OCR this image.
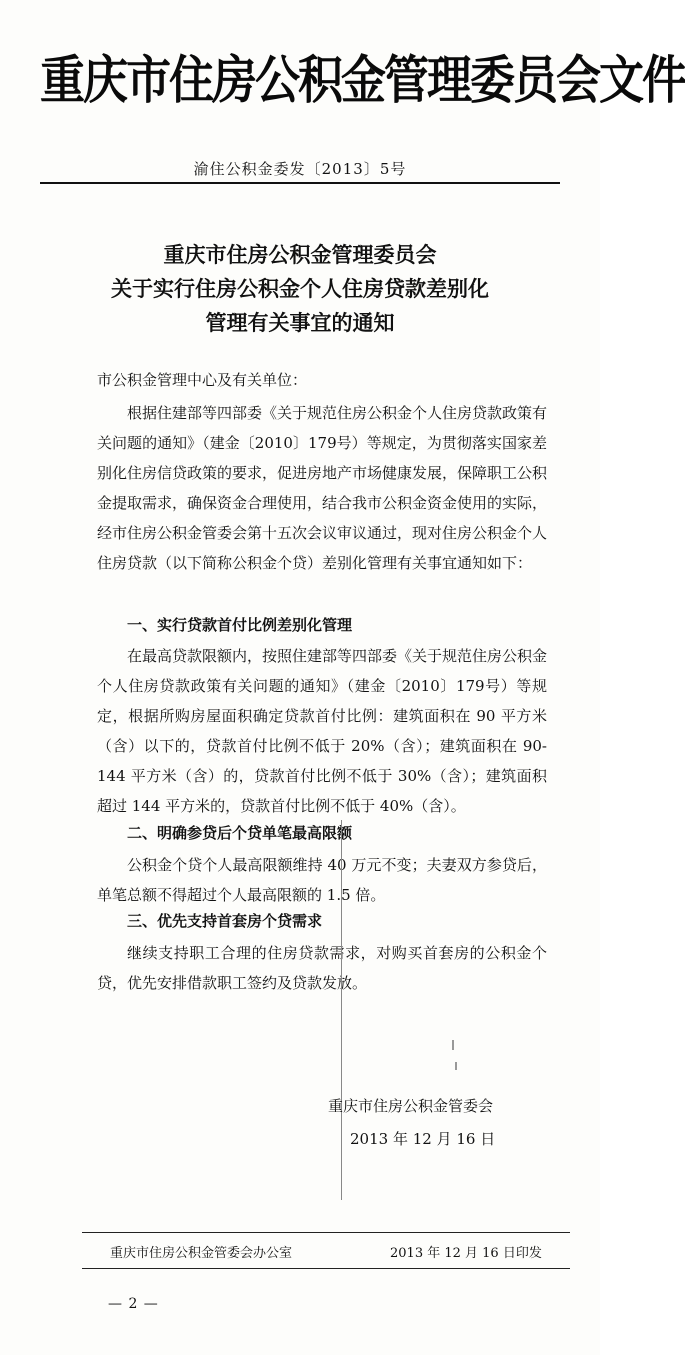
重庆市住房公积金管理委员会文件
渝住公积金委发〔2013〕5号
重庆市住房公积金管理委员会
关于实行住房公积金个人住房贷款差别化
管理有关事宜的通知
市公积金管理中心及有关单位：
根据住建部等四部委《关于规范住房公积金个人住房贷款政策有关问题的通知》（建金〔2010〕179号）等规定，为贯彻落实国家差别化住房信贷政策的要求，促进房地产市场健康发展，保障职工公积金提取需求，确保资金合理使用，结合我市公积金资金使用的实际，经市住房公积金管委会第十五次会议审议通过，现对住房公积金个人住房贷款（以下简称公积金个贷）差别化管理有关事宜通知如下：
一、实行贷款首付比例差别化管理
在最高贷款限额内，按照住建部等四部委《关于规范住房公积金个人住房贷款政策有关问题的通知》（建金〔2010〕179号）等规定，根据所购房屋面积确定贷款首付比例：建筑面积在 90 平方米（含）以下的，贷款首付比例不低于 20%（含）；建筑面积在 90-144 平方米（含）的，贷款首付比例不低于 30%（含）；建筑面积超过 144 平方米的，贷款首付比例不低于 40%（含）。
二、明确参贷后个贷单笔最高限额
公积金个贷个人最高限额维持 40 万元不变；夫妻双方参贷后，单笔总额不得超过个人最高限额的 1.5 倍。
三、优先支持首套房个贷需求
继续支持职工合理的住房贷款需求，对购买首套房的公积金个贷，优先安排借款职工签约及贷款发放。
重庆市住房公积金管委会
2013 年 12 月 16 日
重庆市住房公积金管委会办公室	2013 年 12 月 16 日印发
— 2 —
